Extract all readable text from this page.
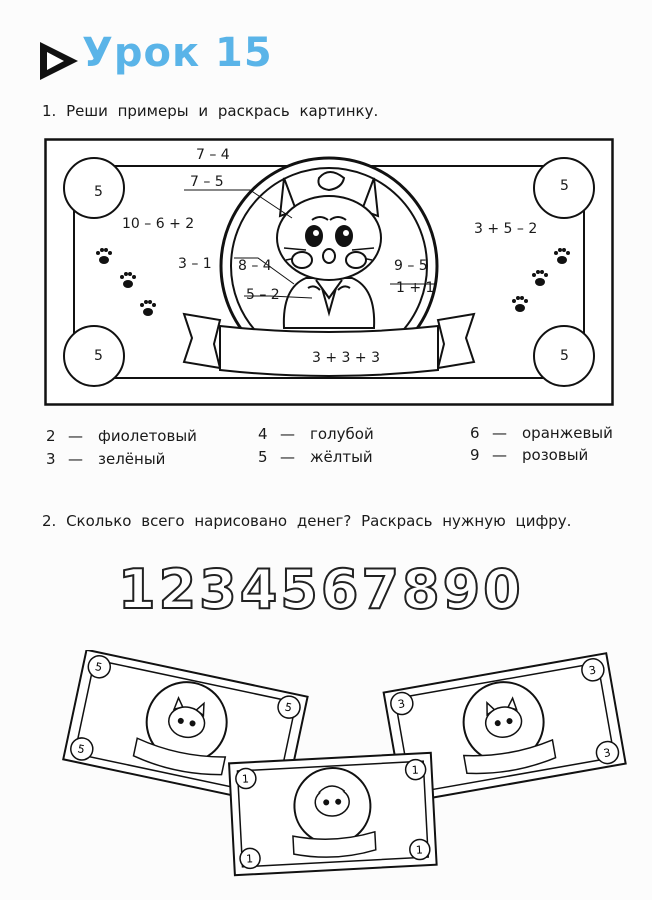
Урок 15
1. Реши примеры и раскрась картинку.
7 – 4
7 – 5
10 – 6 + 2	3 + 5 – 2
3 – 1 8 – 4	9 – 5
5 – 2	1 + 1
3 + 3 + 3
5	5
5	5
2 — фиолетовый
3 — зелёный
4 — голубой
5 — жёлтый
6 — оранжевый
9 — розовый
2. Сколько всего нарисовано денег? Раскрась нужную цифру.
1234567890
5
5
5
3
3
3
1
1
1
1
